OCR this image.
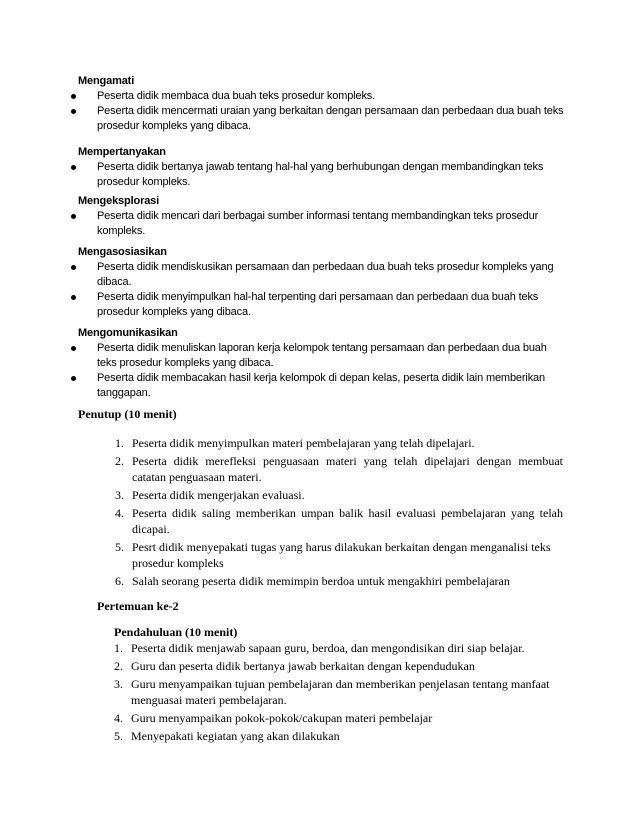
Mengamati
Peserta didik membaca dua buah teks prosedur kompleks.
Peserta didik mencermati uraian yang berkaitan dengan persamaan dan perbedaan dua buah teks prosedur kompleks yang dibaca.
Mempertanyakan
Peserta didik bertanya jawab tentang hal-hal yang berhubungan dengan membandingkan teks prosedur kompleks.
Mengeksplorasi
Peserta didik mencari dari berbagai sumber informasi tentang membandingkan teks prosedur kompleks.
Mengasosiasikan
Peserta didik mendiskusikan persamaan dan perbedaan dua buah teks prosedur kompleks yang dibaca.
Peserta didik menyimpulkan hal-hal terpenting dari persamaan dan perbedaan dua buah teks prosedur kompleks yang dibaca.
Mengomunikasikan
Peserta didik menuliskan laporan kerja kelompok tentang persamaan dan perbedaan dua buah teks prosedur kompleks yang dibaca.
Peserta didik membacakan hasil kerja kelompok di depan kelas, peserta didik lain memberikan tanggapan.
Penutup (10 menit)
1. Peserta didik menyimpulkan materi pembelajaran yang telah dipelajari.
2. Peserta didik merefleksi penguasaan materi yang telah dipelajari dengan membuat catatan penguasaan materi.
3. Peserta didik mengerjakan evaluasi.
4. Peserta didik saling memberikan umpan balik hasil evaluasi pembelajaran yang telah dicapai.
5. Pesrt didik menyepakati tugas yang harus dilakukan berkaitan dengan menganalisi teks prosedur kompleks
6. Salah seorang peserta didik memimpin berdoa untuk mengakhiri pembelajaran
Pertemuan ke-2
Pendahuluan (10 menit)
1. Peserta didik menjawab sapaan guru, berdoa, dan mengondisikan diri siap belajar.
2. Guru dan peserta didik bertanya jawab berkaitan dengan kependudukan
3. Guru menyampaikan tujuan pembelajaran dan memberikan penjelasan tentang manfaat menguasai materi pembelajaran.
4. Guru menyampaikan pokok-pokok/cakupan materi pembelajar
5. Menyepakati kegiatan yang akan dilakukan
